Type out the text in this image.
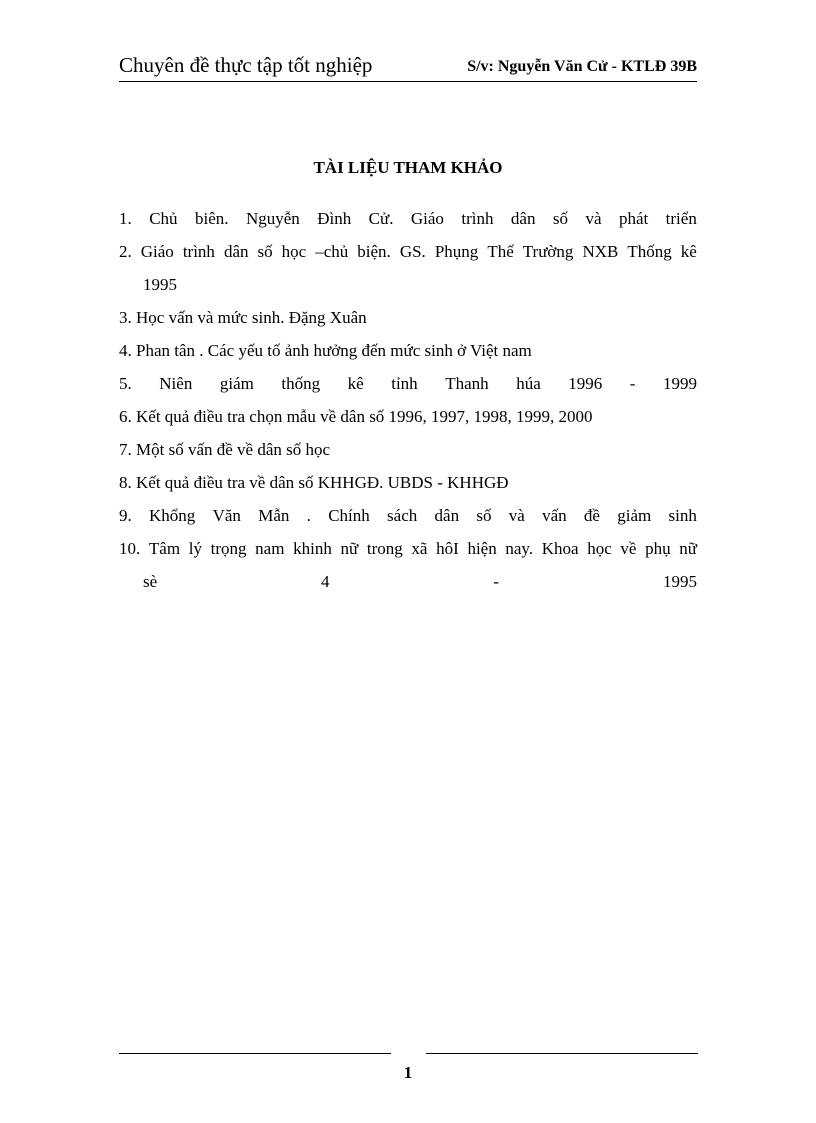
Chuyên đề thực tập tốt nghiệp	S/v: Nguyễn Văn Cử - KTLĐ 39B
TÀI LIỆU THAM KHẢO
1. Chủ biên. Nguyễn Đình Cử. Giáo trình dân số và phát triển
2. Giáo trình dân số học –chủ biện. GS. Phụng Thế Trường NXB Thống kê
1995
3. Học vấn và mức sinh. Đặng Xuân
4. Phan tân . Các yếu tố ảnh hưởng đến mức sinh ở Việt nam
5. Niên giám thống kê tỉnh Thanh húa 1996 - 1999
6. Kết quả điều tra chọn mẫu về dân số 1996, 1997, 1998, 1999, 2000
7. Một số vấn đề về dân số học
8. Kết quả điều tra về dân số KHHGĐ. UBDS - KHHGĐ
9. Khổng Văn Mẫn . Chính sách dân số và vấn đề giảm sinh
10. Tâm lý trọng nam khinh nữ trong xã hôI hiện nay. Khoa học về phụ nữ
sè	4	-	1995
1
